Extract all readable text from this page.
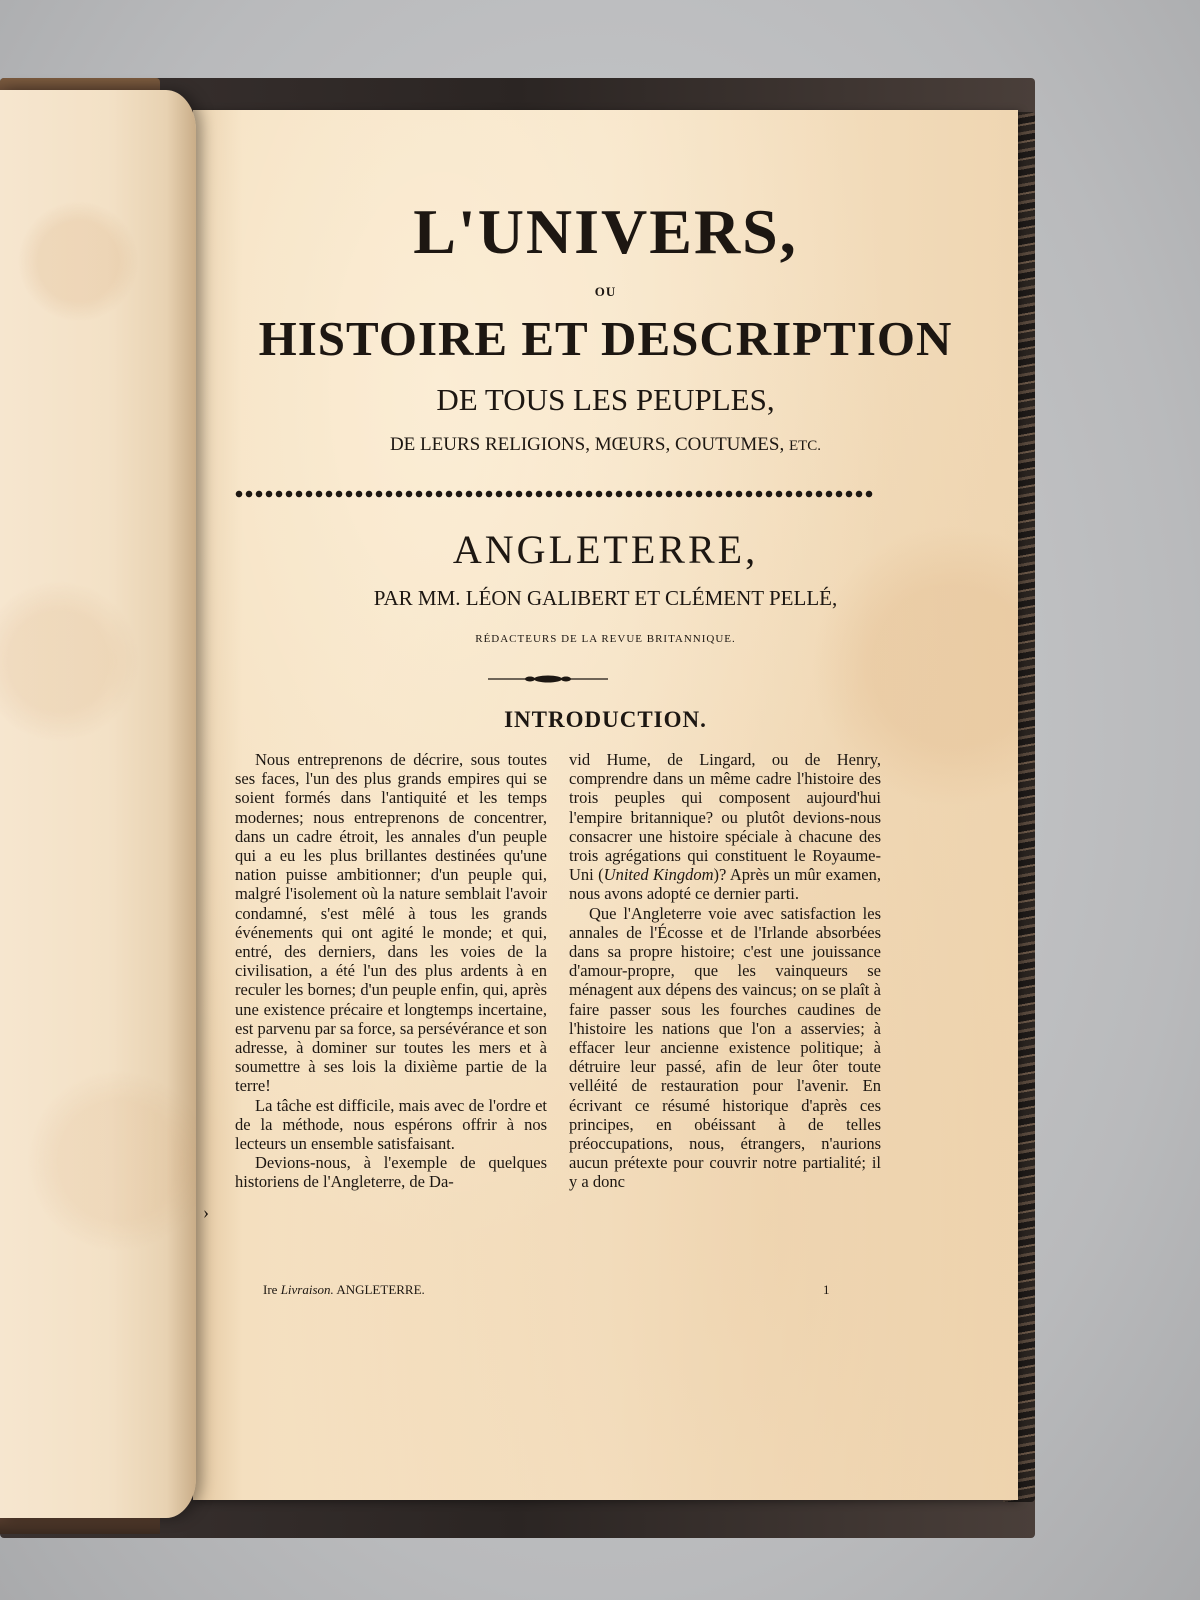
L'UNIVERS,
OU
HISTOIRE ET DESCRIPTION
DE TOUS LES PEUPLES,
DE LEURS RELIGIONS, MŒURS, COUTUMES, ETC.
ANGLETERRE,
PAR MM. LÉON GALIBERT ET CLÉMENT PELLÉ,
RÉDACTEURS DE LA REVUE BRITANNIQUE.
INTRODUCTION.

Nous entreprenons de décrire, sous toutes ses faces, l'un des plus grands empires qui se soient formés dans l'antiquité et les temps modernes; nous entreprenons de concentrer, dans un cadre étroit, les annales d'un peuple qui a eu les plus brillantes destinées qu'une nation puisse ambitionner; d'un peuple qui, malgré l'isolement où la nature semblait l'avoir condamné, s'est mêlé à tous les grands événements qui ont agité le monde; et qui, entré, des derniers, dans les voies de la civilisation, a été l'un des plus ardents à en reculer les bornes; d'un peuple enfin, qui, après une existence précaire et longtemps incertaine, est parvenu par sa force, sa persévérance et son adresse, à dominer sur toutes les mers et à soumettre à ses lois la dixième partie de la terre!

La tâche est difficile, mais avec de l'ordre et de la méthode, nous espérons offrir à nos lecteurs un ensemble satisfaisant.

Devions-nous, à l'exemple de quelques historiens de l'Angleterre, de Da-

vid Hume, de Lingard, ou de Henry, comprendre dans un même cadre l'histoire des trois peuples qui composent aujourd'hui l'empire britannique? ou plutôt devions-nous consacrer une histoire spéciale à chacune des trois agrégations qui constituent le Royaume-Uni (United Kingdom)? Après un mûr examen, nous avons adopté ce dernier parti.

Que l'Angleterre voie avec satisfaction les annales de l'Écosse et de l'Irlande absorbées dans sa propre histoire; c'est une jouissance d'amour-propre, que les vainqueurs se ménagent aux dépens des vaincus; on se plaît à faire passer sous les fourches caudines de l'histoire les nations que l'on a asservies; à effacer leur ancienne existence politique; à détruire leur passé, afin de leur ôter toute velléité de restauration pour l'avenir. En écrivant ce résumé historique d'après ces principes, en obéissant à de telles préoccupations, nous, étrangers, n'aurions aucun prétexte pour couvrir notre partialité; il y a donc

›
Ire Livraison. ANGLETERRE.	1
